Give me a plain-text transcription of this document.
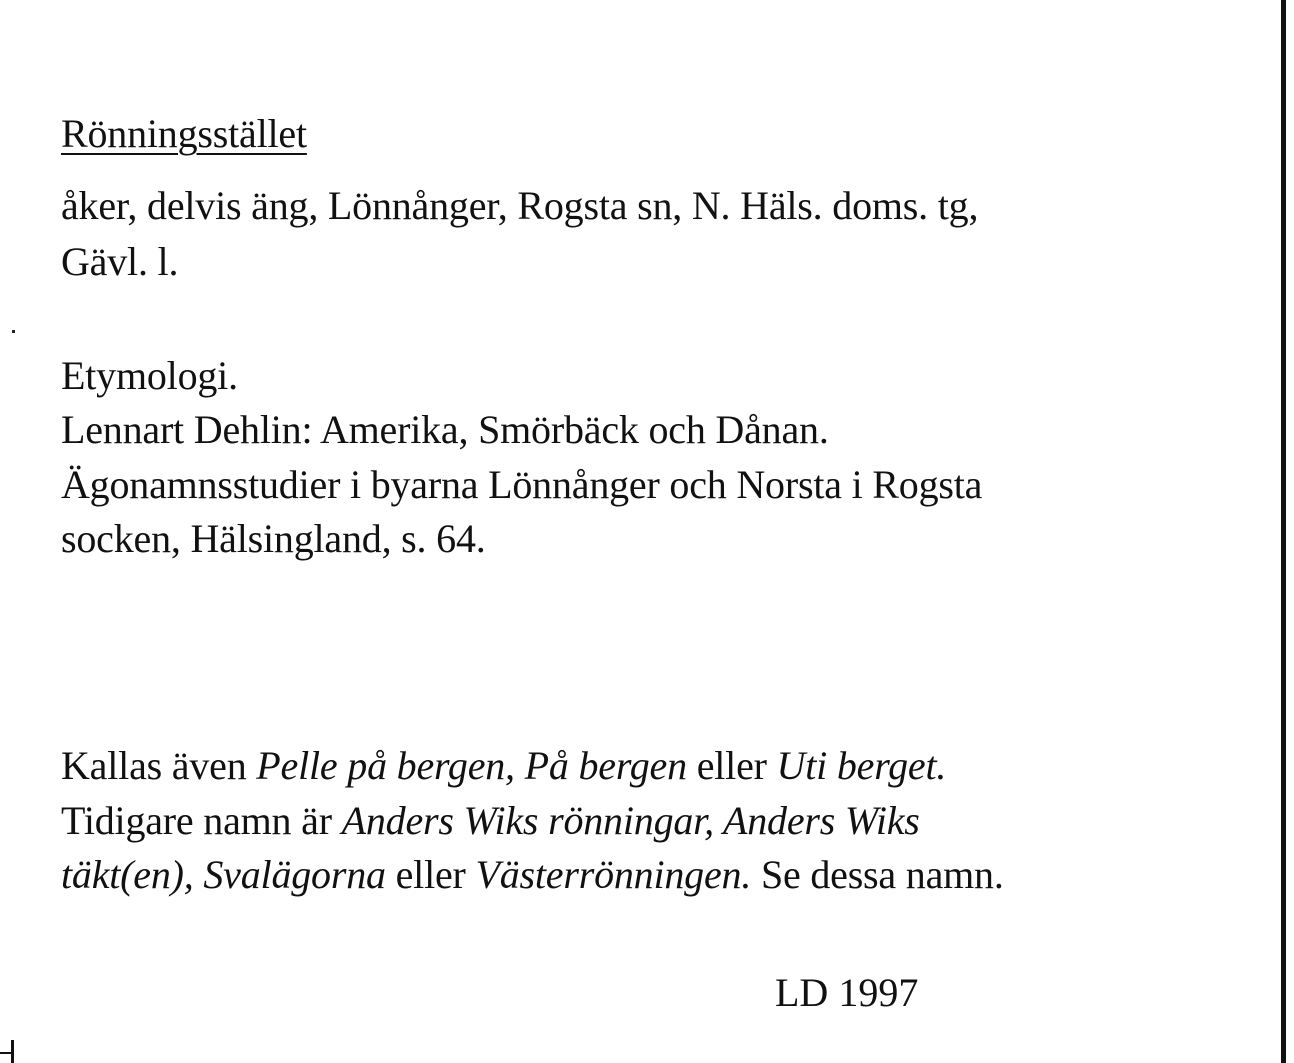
Rönningsstället
åker, delvis äng, Lönnånger, Rogsta sn, N. Häls. doms. tg,
Gävl. l.
Etymologi.
Lennart Dehlin: Amerika, Smörbäck och Dånan.
Ägonamnsstudier i byarna Lönnånger och Norsta i Rogsta
socken, Hälsingland, s. 64.
Kallas även Pelle på bergen, På bergen eller Uti berget.
Tidigare namn är Anders Wiks rönningar, Anders Wiks
täkt(en), Svalägorna eller Västerrönningen. Se dessa namn.
LD 1997
